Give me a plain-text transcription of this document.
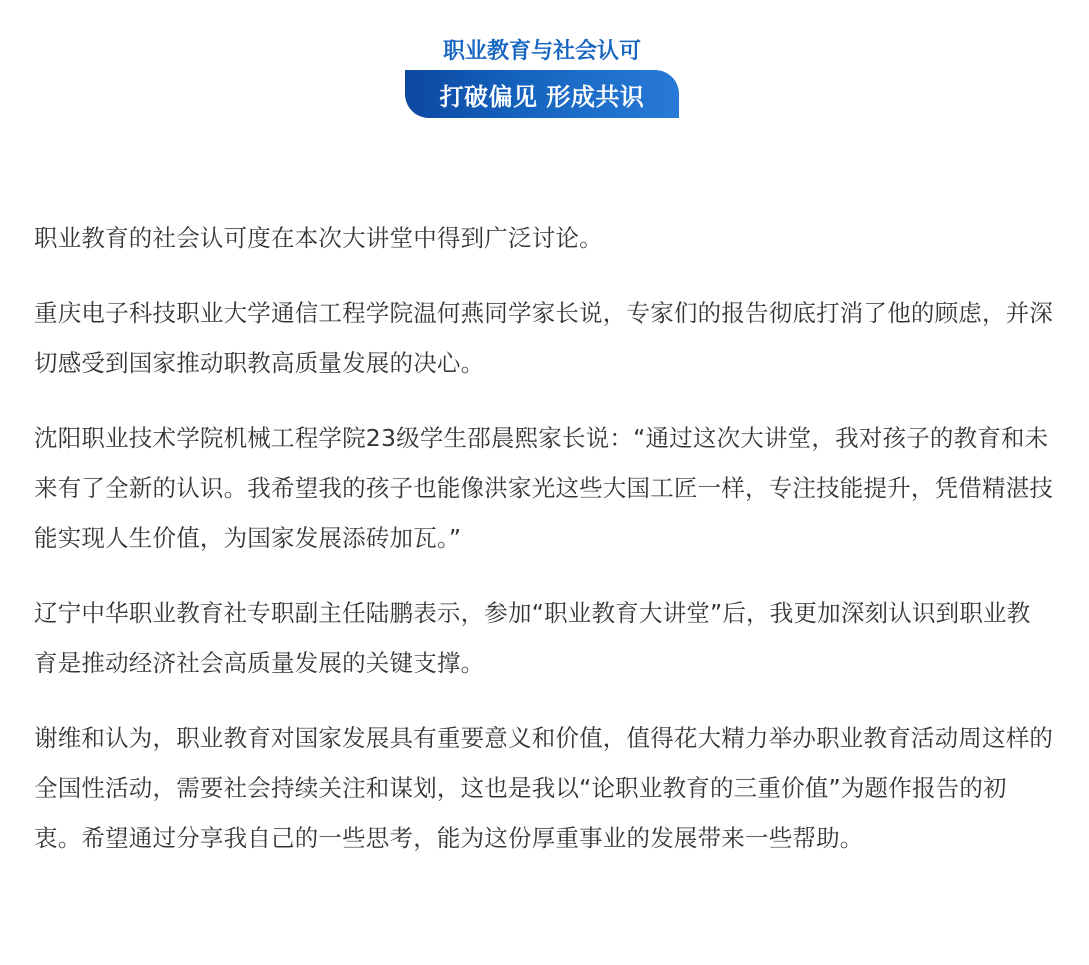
职业教育与社会认可
打破偏见 形成共识

职业教育的社会认可度在本次大讲堂中得到广泛讨论。

重庆电子科技职业大学通信工程学院温何燕同学家长说，专家们的报告彻底打消了他的顾虑，并深切感受到国家推动职教高质量发展的决心。

沈阳职业技术学院机械工程学院23级学生邵晨熙家长说：“通过这次大讲堂，我对孩子的教育和未来有了全新的认识。我希望我的孩子也能像洪家光这些大国工匠一样，专注技能提升，凭借精湛技能实现人生价值，为国家发展添砖加瓦。”

辽宁中华职业教育社专职副主任陆鹏表示，参加“职业教育大讲堂”后，我更加深刻认识到职业教育是推动经济社会高质量发展的关键支撑。

谢维和认为，职业教育对国家发展具有重要意义和价值，值得花大精力举办职业教育活动周这样的全国性活动，需要社会持续关注和谋划，这也是我以“论职业教育的三重价值”为题作报告的初衷。希望通过分享我自己的一些思考，能为这份厚重事业的发展带来一些帮助。
